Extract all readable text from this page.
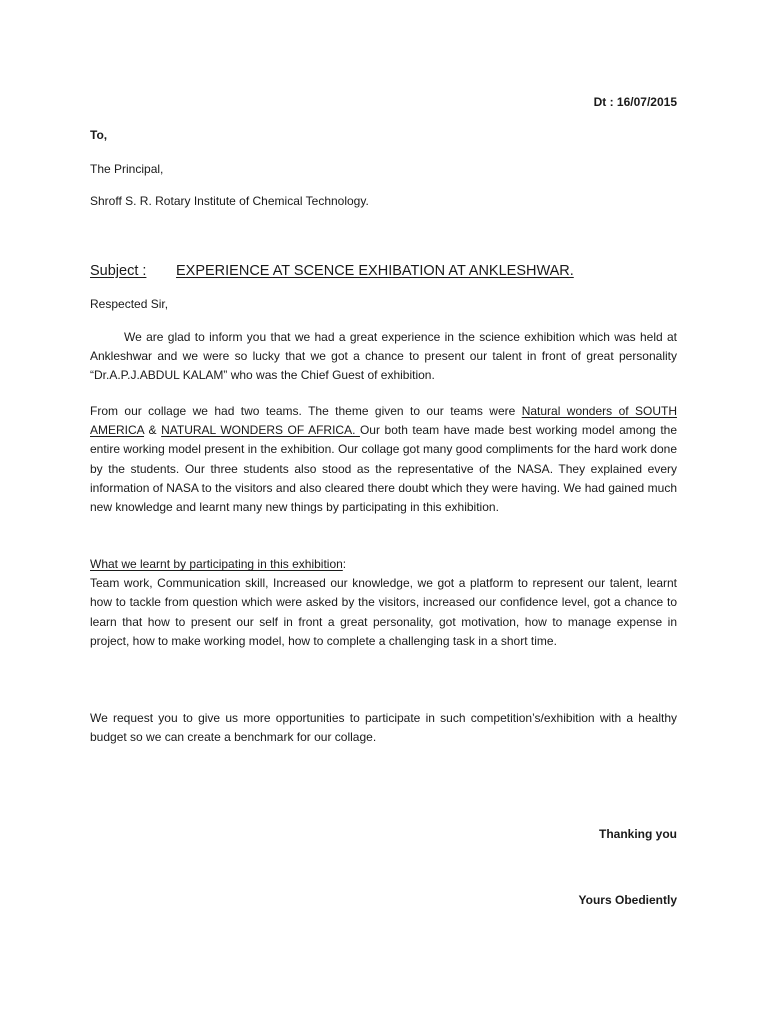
Dt : 16/07/2015
To,
The Principal,
Shroff S. R. Rotary Institute of Chemical Technology.
Subject : EXPERIENCE AT SCENCE EXHIBATION AT ANKLESHWAR.
Respected Sir,
We are glad to inform you that we had a great experience in the science exhibition which was held at Ankleshwar and we were so lucky that we got a chance to present our talent in front of great personality “Dr.A.P.J.ABDUL KALAM” who was the Chief Guest of exhibition.
From our collage we had two teams. The theme given to our teams were Natural wonders of SOUTH AMERICA & NATURAL WONDERS OF AFRICA. Our both team have made best working model among the entire working model present in the exhibition. Our collage got many good compliments for the hard work done by the students. Our three students also stood as the representative of the NASA. They explained every information of NASA to the visitors and also cleared there doubt which they were having. We had gained much new knowledge and learnt many new things by participating in this exhibition.
What we learnt by participating in this exhibition:
Team work, Communication skill, Increased our knowledge, we got a platform to represent our talent, learnt how to tackle from question which were asked by the visitors, increased our confidence level, got a chance to learn that how to present our self in front a great personality, got motivation, how to manage expense in project, how to make working model, how to complete a challenging task in a short time.
We request you to give us more opportunities to participate in such competition’s/exhibition with a healthy budget so we can create a benchmark for our collage.
Thanking you
Yours Obediently
